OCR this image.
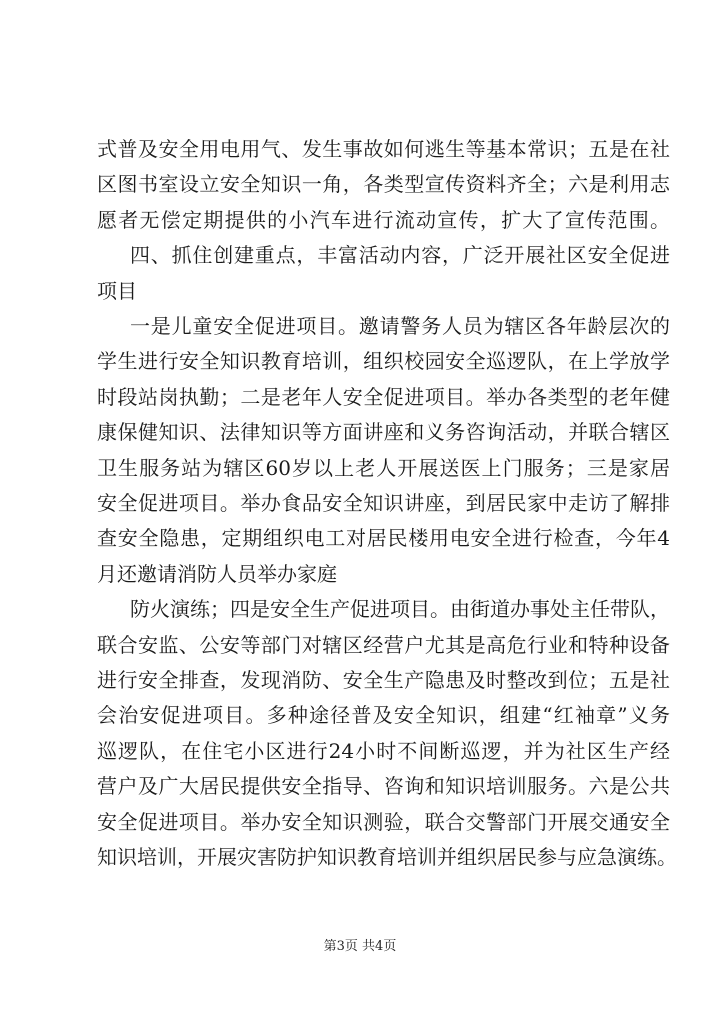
式普及安全用电用气、发生事故如何逃生等基本常识；五是在社
区图书室设立安全知识一角，各类型宣传资料齐全；六是利用志
愿者无偿定期提供的小汽车进行流动宣传，扩大了宣传范围。
四、抓住创建重点，丰富活动内容，广泛开展社区安全促进
项目
一是儿童安全促进项目。邀请警务人员为辖区各年龄层次的
学生进行安全知识教育培训，组织校园安全巡逻队，在上学放学
时段站岗执勤；二是老年人安全促进项目。举办各类型的老年健
康保健知识、法律知识等方面讲座和义务咨询活动，并联合辖区
卫生服务站为辖区60岁以上老人开展送医上门服务；三是家居
安全促进项目。举办食品安全知识讲座，到居民家中走访了解排
查安全隐患，定期组织电工对居民楼用电安全进行检查，今年4
月还邀请消防人员举办家庭
防火演练；四是安全生产促进项目。由街道办事处主任带队，
联合安监、公安等部门对辖区经营户尤其是高危行业和特种设备
进行安全排查，发现消防、安全生产隐患及时整改到位；五是社
会治安促进项目。多种途径普及安全知识，组建“红袖章”义务
巡逻队，在住宅小区进行24小时不间断巡逻，并为社区生产经
营户及广大居民提供安全指导、咨询和知识培训服务。六是公共
安全促进项目。举办安全知识测验，联合交警部门开展交通安全
知识培训，开展灾害防护知识教育培训并组织居民参与应急演练。
第3页 共4页
